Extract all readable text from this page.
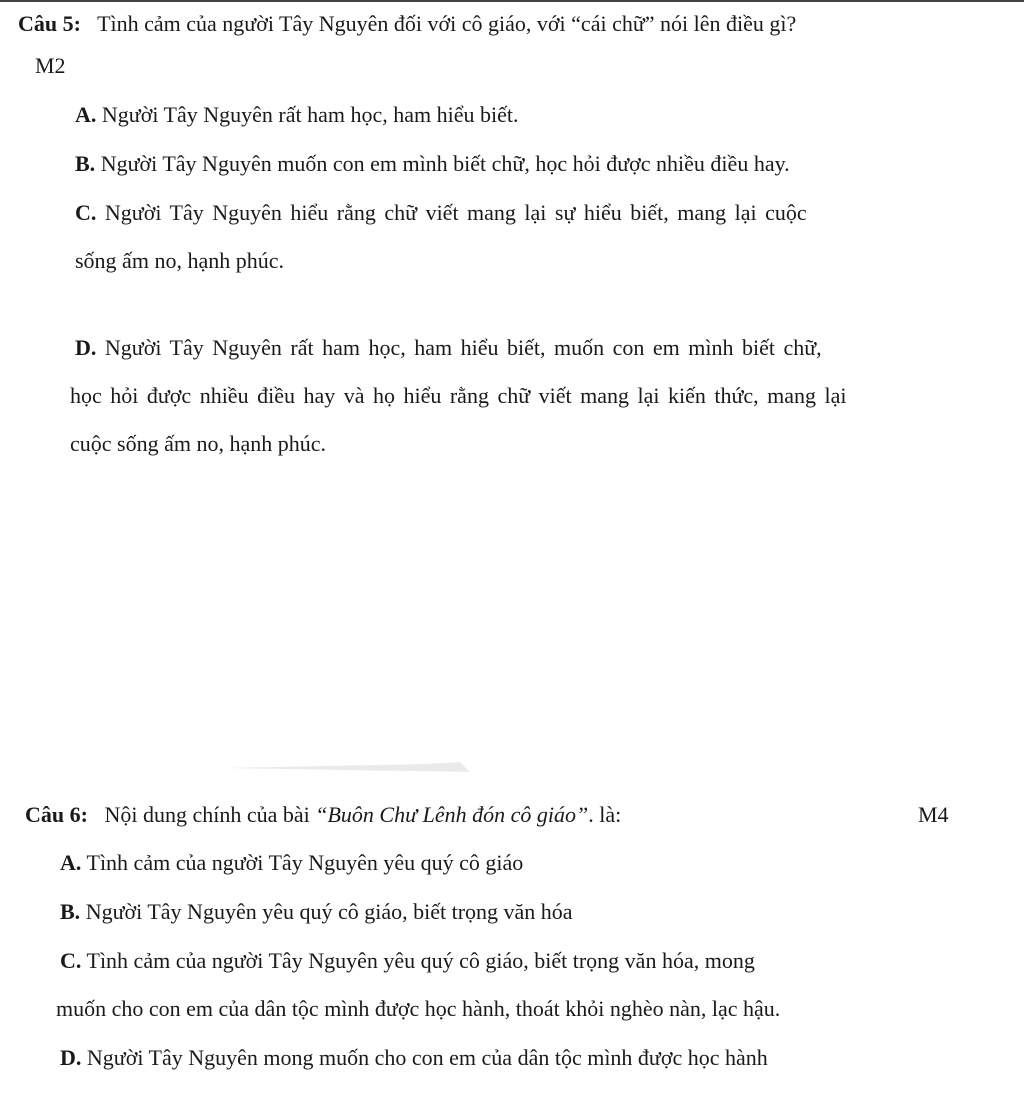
Câu 5: Tình cảm của người Tây Nguyên đối với cô giáo, với “cái chữ” nói lên điều gì?
M2
A. Người Tây Nguyên rất ham học, ham hiểu biết.
B. Người Tây Nguyên muốn con em mình biết chữ, học hỏi được nhiều điều hay.
C. Người Tây Nguyên hiểu rằng chữ viết mang lại sự hiểu biết, mang lại cuộc
sống ấm no, hạnh phúc.
D. Người Tây Nguyên rất ham học, ham hiểu biết, muốn con em mình biết chữ,
học hỏi được nhiều điều hay và họ hiểu rằng chữ viết mang lại kiến thức, mang lại
cuộc sống ấm no, hạnh phúc.
Câu 6: Nội dung chính của bài “Buôn Chư Lênh đón cô giáo”. là:	M4
A. Tình cảm của người Tây Nguyên yêu quý cô giáo
B. Người Tây Nguyên yêu quý cô giáo, biết trọng văn hóa
C. Tình cảm của người Tây Nguyên yêu quý cô giáo, biết trọng văn hóa, mong
muốn cho con em của dân tộc mình được học hành, thoát khỏi nghèo nàn, lạc hậu.
D. Người Tây Nguyên mong muốn cho con em của dân tộc mình được học hành
